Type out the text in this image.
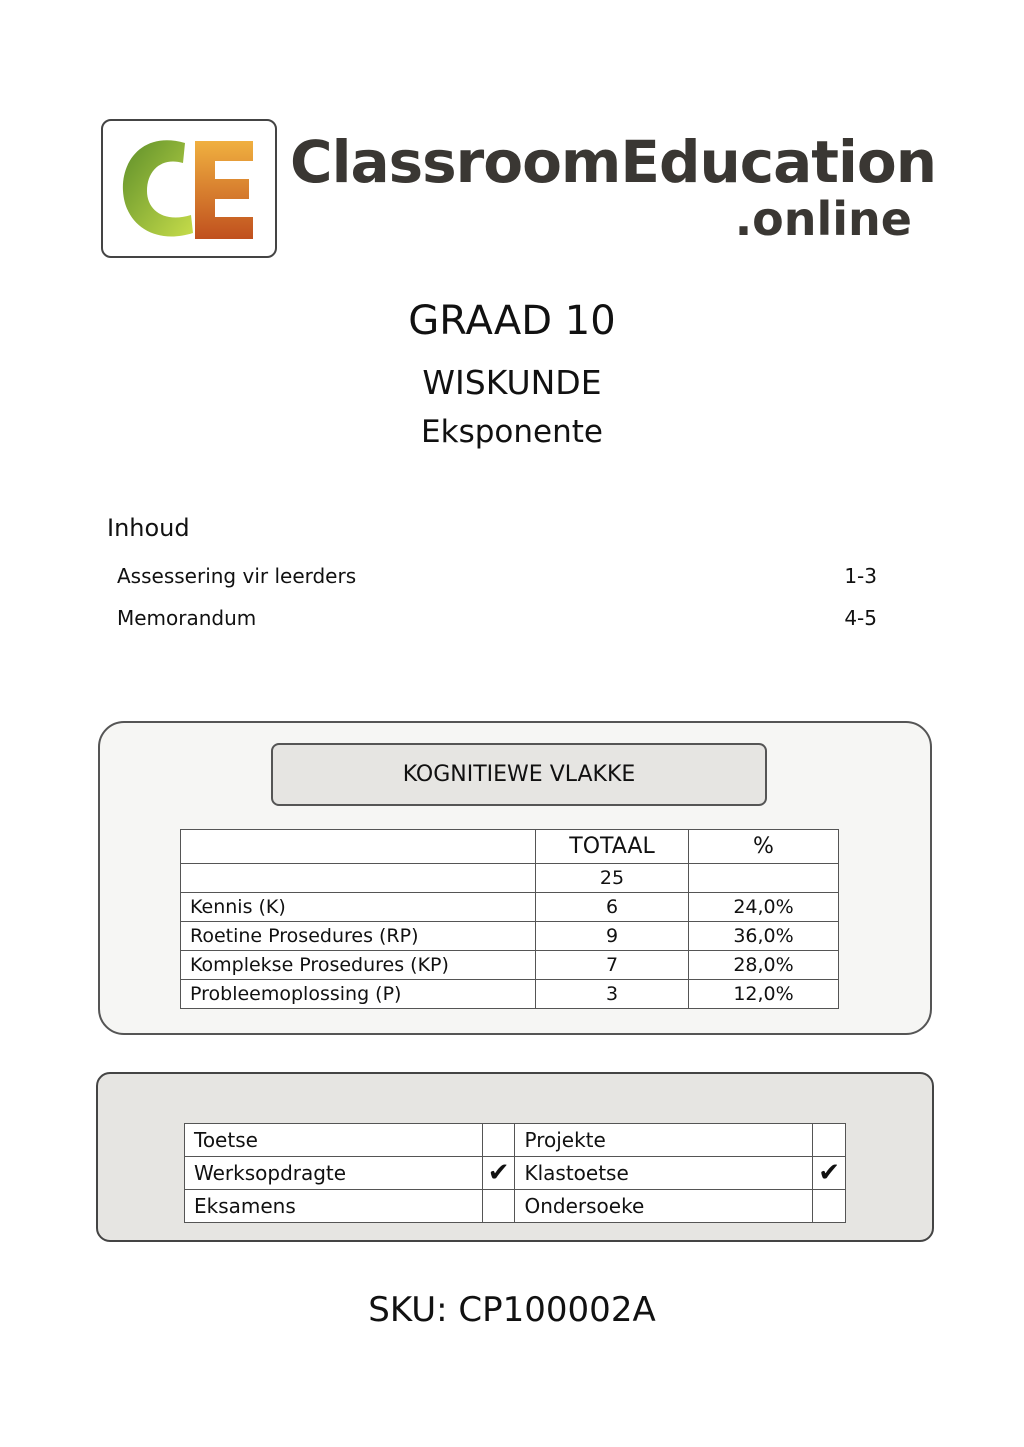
ClassroomEducation
.online
GRAAD 10
WISKUNDE
Eksponente
Inhoud
Assessering vir leerders	1-3
Memorandum	4-5
KOGNITIEWE VLAKKE
	TOTAAL	%
	25	
Kennis (K)	6	24,0%
Roetine Prosedures (RP)	9	36,0%
Komplekse Prosedures (KP)	7	28,0%
Probleemoplossing (P)	3	12,0%
Toetse		Projekte	
Werksopdragte	✔	Klastoetse	✔
Eksamens		Ondersoeke	
SKU: CP100002A
